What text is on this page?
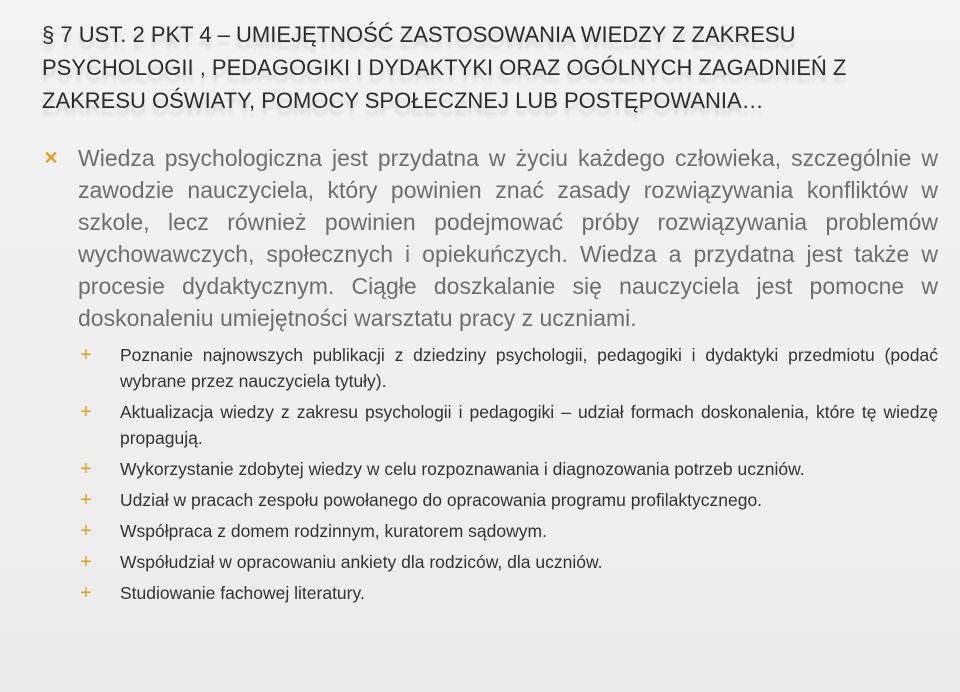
§ 7 UST. 2 PKT 4 – UMIEJĘTNOŚĆ ZASTOSOWANIA WIEDZY Z ZAKRESU PSYCHOLOGII , PEDAGOGIKI I DYDAKTYKI ORAZ OGÓLNYCH ZAGADNIEŃ Z ZAKRESU OŚWIATY, POMOCY SPOŁECZNEJ LUB POSTĘPOWANIA…
✕ Wiedza psychologiczna jest przydatna w życiu każdego człowieka, szczególnie w zawodzie nauczyciela, który powinien znać zasady rozwiązywania konfliktów w szkole, lecz również powinien podejmować próby rozwiązywania problemów wychowawczych, społecznych i opiekuńczych. Wiedza a przydatna jest także w procesie dydaktycznym. Ciągłe doszkalanie się nauczyciela jest pomocne w doskonaleniu umiejętności warsztatu pracy z uczniami.
+ Poznanie najnowszych publikacji z dziedziny psychologii, pedagogiki i dydaktyki przedmiotu (podać wybrane przez nauczyciela tytuły).
+ Aktualizacja wiedzy z zakresu psychologii i pedagogiki – udział formach doskonalenia, które tę wiedzę propagują.
+ Wykorzystanie zdobytej wiedzy w celu rozpoznawania i diagnozowania potrzeb uczniów.
+ Udział w pracach zespołu powołanego do opracowania programu profilaktycznego.
+ Współpraca z domem rodzinnym, kuratorem sądowym.
+ Współudział w opracowaniu ankiety dla rodziców, dla uczniów.
+ Studiowanie fachowej literatury.
